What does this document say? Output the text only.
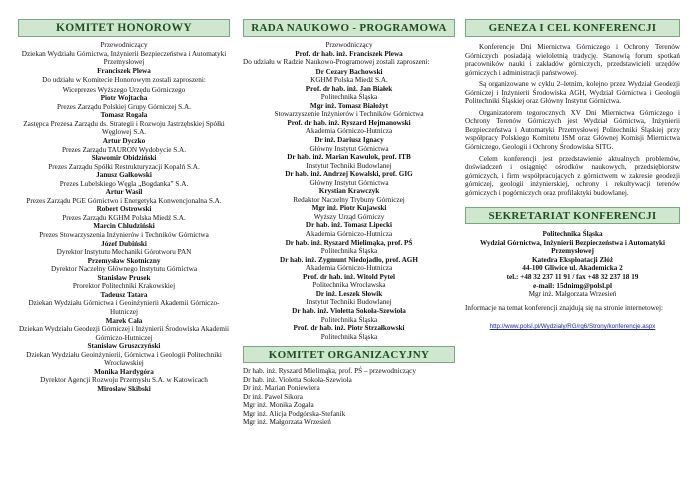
KOMITET HONOROWY
Przewodniczący
Dziekan Wydziału Górnictwa, Inżynierii Bezpieczeństwa i Automatyki Przemysłowej
Franciszek Plewa
Do udziału w Komitecie Honorowym zostali zaproszeni:
Wiceprezes Wyższego Urzędu Górniczego
Piotr Wojtacha
Prezes Zarządu Polskiej Grupy Górniczej S.A.
Tomasz Rogala
Zastępca Prezesa Zarządu ds. Strategii i Rozwoju Jastrzębskiej Spółki Węglowej S.A.
Artur Dyczko
Prezes Zarządu TAURON Wydobycie S.A.
Sławomir Obidziński
Prezes Zarządu Spółki Restrukturyzacji Kopalń S.A.
Janusz Gałkowski
Prezes Lubelskiego Węgla „Bogdanka” S.A.
Artur Wasil
Prezes Zarządu PGE Górnictwo i Energetyka Konwencjonalna S.A.
Robert Ostrowski
Prezes Zarządu KGHM Polska Miedź S.A.
Marcin Chludziński
Prezes Stowarzyszenia Inżynierów i Techników Górnictwa
Józef Dubiński
Dyrektor Instytutu Mechaniki Górotworu PAN
Przemysław Skotniczny
Dyrektor Naczelny Głównego Instytutu Górnictwa
Stanisław Prusek
Prorektor Politechniki Krakowskiej
Tadeusz Tatara
Dziekan Wydziału Górnictwa i Geoinżynierii Akademii Górniczo-Hutniczej
Marek Cała
Dziekan Wydziału Geodezji Górniczej i Inżynierii Środowiska Akademii Górniczo-Hutniczej
Stanisław Gruszczyński
Dziekan Wydziału Geoinżynierii, Górnictwa i Geologii Politechniki Wrocławskiej
Monika Hardygóra
Dyrektor Agencji Rozwoju Przemysłu S.A. w Katowicach
Mirosław Skibski
RADA NAUKOWO - PROGRAMOWA
Przewodniczący
Prof. dr hab. inż. Franciszek Plewa
Do udziału w Radzie Naukowo-Programowej zostali zaproszeni:
Dr Cezary Bachowski
KGHM Polska Miedź S.A.
Prof. dr hab. inż. Jan Białek
Politechnika Śląska
Mgr inż. Tomasz Białożyt
Stowarzyszenie Inżynierów i Techników Górnictwa
Prof. dr hab. inż. Ryszard Hejmanowski
Akademia Górniczo-Hutnicza
Dr inż. Dariusz Ignacy
Główny Instytut Górnictwa
Dr hab. inż. Marian Kawulok, prof. ITB
Instytut Techniki Budowlanej
Dr hab. inż. Andrzej Kowalski, prof. GIG
Główny Instytut Górnictwa
Krystian Krawczyk
Redaktor Naczelny Trybuny Górniczej
Mgr inż. Piotr Kujawski
Wyższy Urząd Górniczy
Dr hab. inż. Tomasz Lipecki
Akademia Górniczo-Hutnicza
Dr hab. inż. Ryszard Mielimąka, prof. PŚ
Politechnika Śląska
Dr hab. inż. Zygmunt Niedojadło, prof. AGH
Akademia Górniczo-Hutnicza
Prof. dr hab. inż. Witold Pytel
Politechnika Wrocławska
Dr inż. Leszek Słowik
Instytut Techniki Budowlanej
Dr hab. inż. Violetta Sokoła-Szewioła
Politechnika Śląska
Prof. dr hab. inż. Piotr Strzałkowski
Politechnika Śląska
KOMITET ORGANIZACYJNY
Dr hab. inż. Ryszard Mielimąka, prof. PŚ – przewodniczący
Dr hab. inż. Violetta Sokoła-Szewioła
Dr inż. Marian Poniewiera
Dr inż. Paweł Sikora
Mgr inż. Monika Zogała
Mgr inż. Alicja Podgórska-Stefanik
Mgr inż. Małgorzata Wrzesień
GENEZA I CEL KONFERENCJI

Konferencje Dni Miernictwa Górniczego i Ochrony Terenów Górniczych posiadają wieloletnią tradycję. Stanowią forum spotkań pracowników nauki i zakładów górniczych, przedstawicieli urzędów górniczych i administracji państwowej.

Są organizowane w cyklu 2–letnim, kolejno przez Wydział Geodezji Górniczej i Inżynierii Środowiska AGH, Wydział Górnictwa i Geologii Politechniki Śląskiej oraz Główny Instytut Górnictwa.

Organizatorem tegorocznych XV Dni Miernictwa Górniczego i Ochrony Terenów Górniczych jest Wydział Górnictwa, Inżynierii Bezpieczeństwa i Automatyki Przemysłowej Politechniki Śląskiej przy współpracy Polskiego Komitetu ISM oraz Głównej Komisji Miernictwa Górniczego, Geologii i Ochrony Środowiska SITG.

Celem konferencji jest przedstawienie aktualnych problemów, doświadczeń i osiągnięć ośrodków naukowych, przedsiębiorstw górniczych, i firm współpracujących z górnictwem w zakresie geodezji górniczej, geologii inżynierskiej, ochrony i rekultywacji terenów górniczych i pogórniczych oraz profilaktyki budowlanej.

SEKRETARIAT KONFERENCJI
Politechnika Śląska
Wydział Górnictwa, Inżynierii Bezpieczeństwa i Automatyki Przemysłowej
Katedra Eksploatacji Złóż
44-100 Gliwice ul. Akademicka 2
tel.: +48 32 237 11 91 / fax +48 32 237 18 19
e-mail: 15dnimg@polsl.pl
Mgr inż. Małgorzata Wrzesień
Informacje na temat konferencji znajdują się na stronie internetowej:
http://www.polsl.pl/Wydzialy/RG/rg6/Strony/konferencje.aspx
